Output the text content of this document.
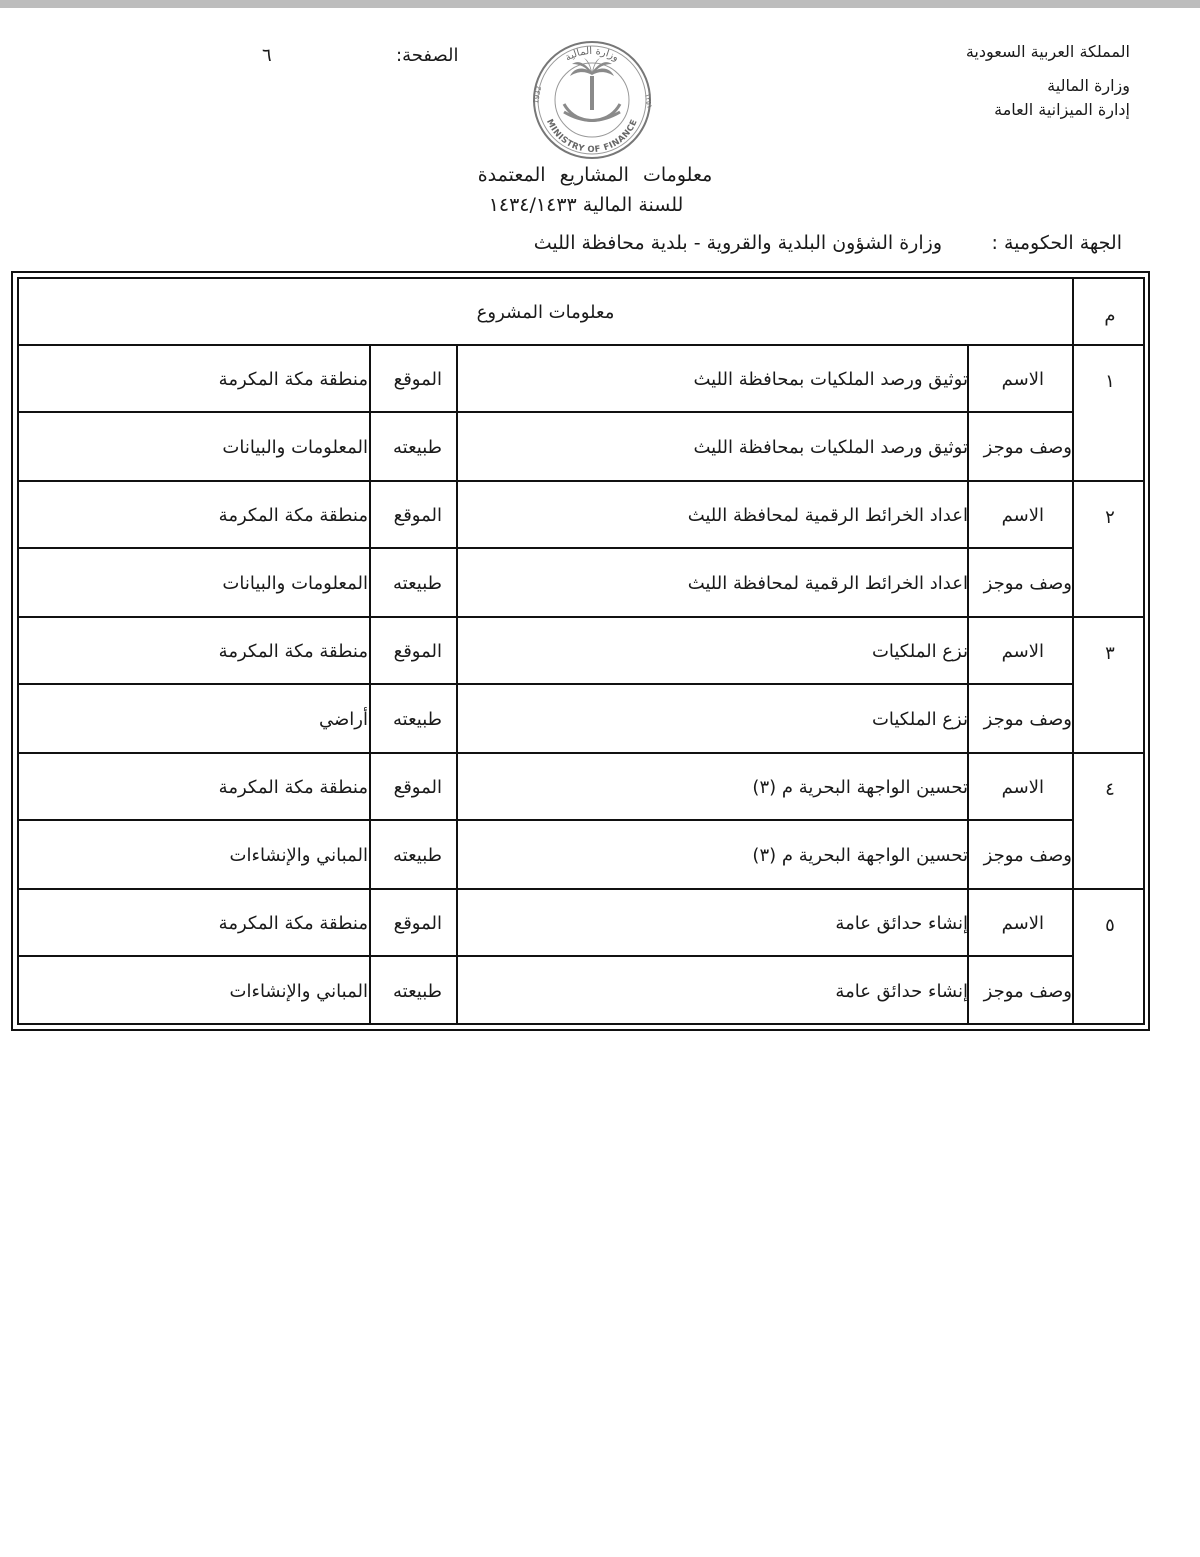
المملكة العربية السعودية
وزارة المالية
إدارة الميزانية العامة
الصفحة:
٦	وزارة المالية
MINISTRY OF FINANCE
1932	١٣٥١
معلومات المشاريع المعتمدة
للسنة المالية ١٤٣٤/١٤٣٣
الجهة الحكومية :
وزارة الشؤون البلدية والقروية - بلدية محافظة الليث
م
معلومات المشروع
١
الاسم
توثيق ورصد الملكيات بمحافظة الليث
الموقع
منطقة مكة المكرمة
وصف موجز
توثيق ورصد الملكيات بمحافظة الليث
طبيعته
المعلومات والبيانات
٢
الاسم
اعداد الخرائط الرقمية لمحافظة الليث
الموقع
منطقة مكة المكرمة
وصف موجز
اعداد الخرائط الرقمية لمحافظة الليث
طبيعته
المعلومات والبيانات
٣
الاسم
نزع الملكيات
الموقع
منطقة مكة المكرمة
وصف موجز
نزع الملكيات
طبيعته
أراضي
٤
الاسم
تحسين الواجهة البحرية م (٣)
الموقع
منطقة مكة المكرمة
وصف موجز
تحسين الواجهة البحرية م (٣)
طبيعته
المباني والإنشاءات
٥
الاسم
إنشاء حدائق عامة
الموقع
منطقة مكة المكرمة
وصف موجز
إنشاء حدائق عامة
طبيعته
المباني والإنشاءات
